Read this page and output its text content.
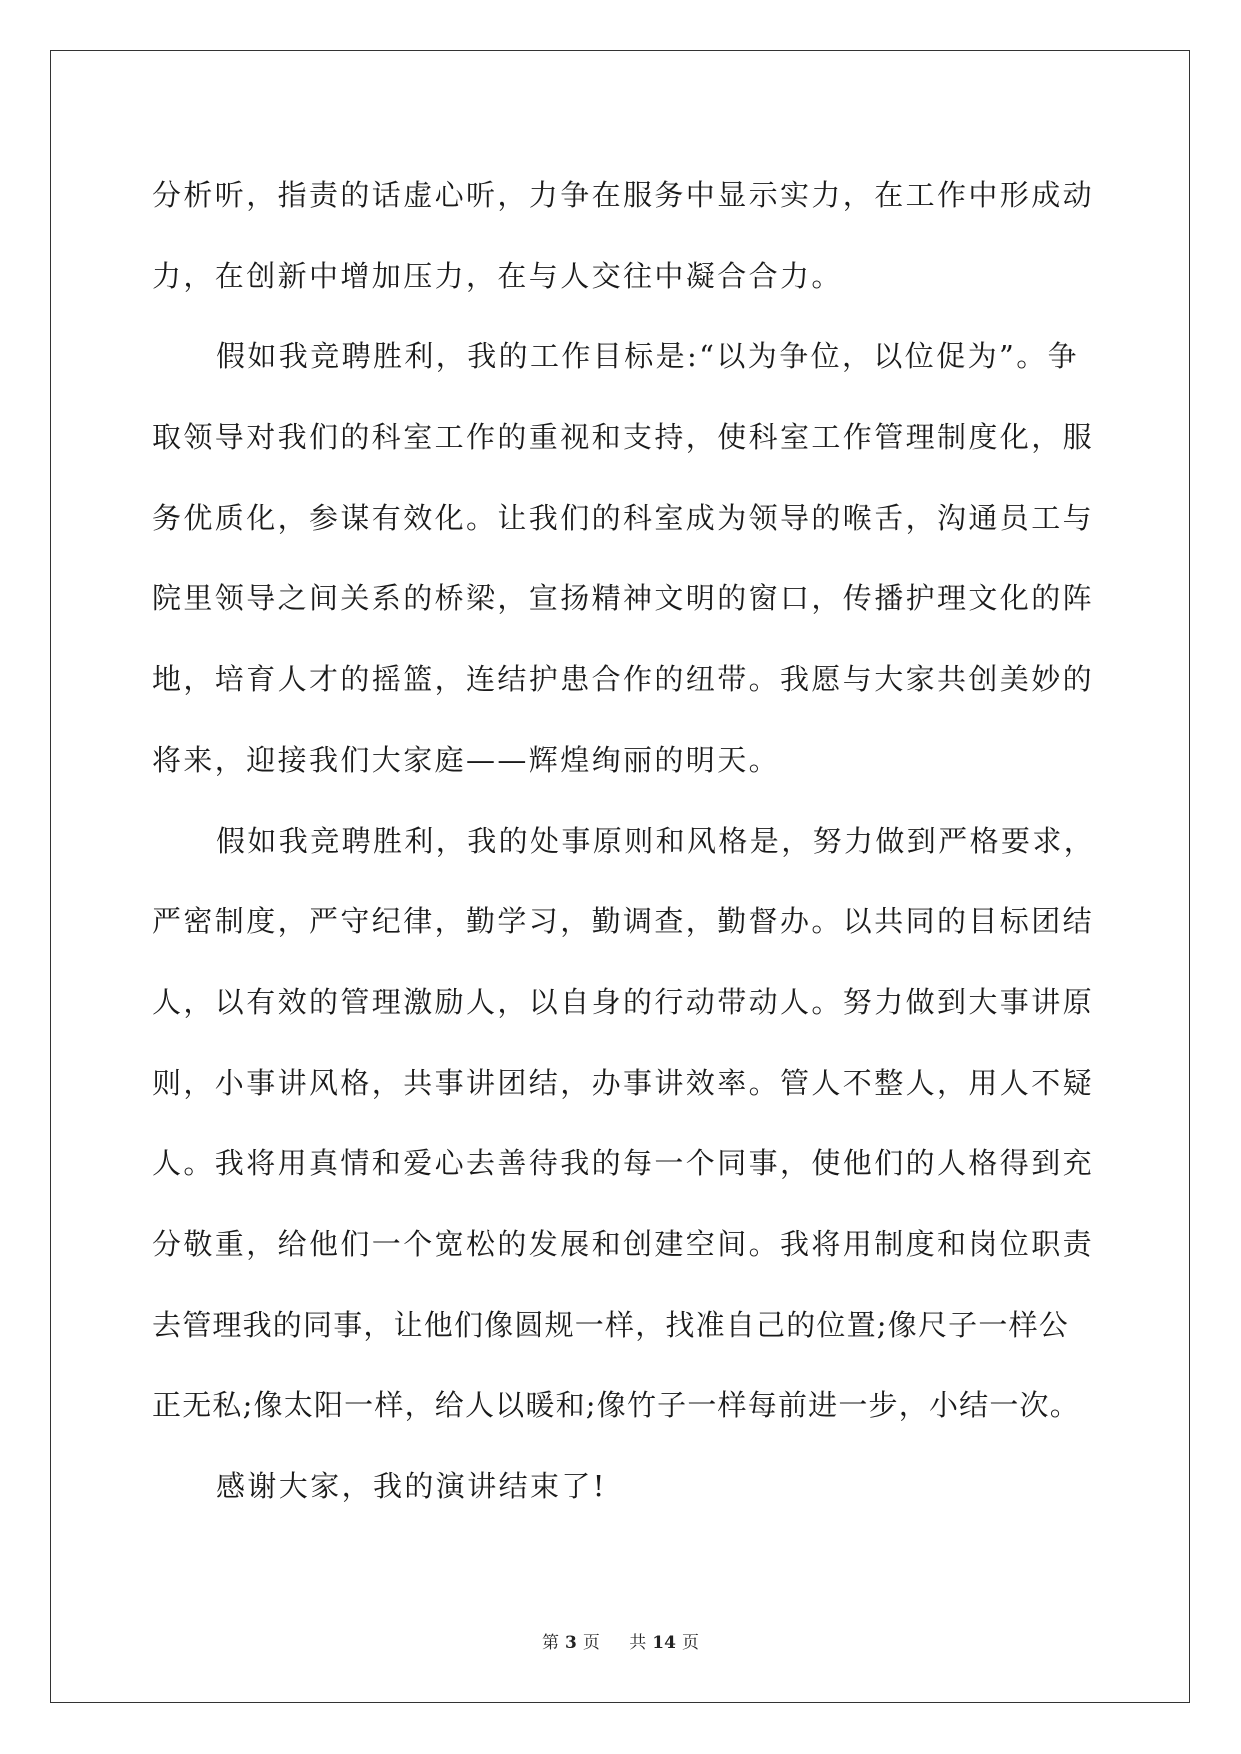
分析听，指责的话虚心听，力争在服务中显示实力，在工作中形成动
力，在创新中增加压力，在与人交往中凝合合力。
假如我竞聘胜利，我的工作目标是:“以为争位，以位促为”。争
取领导对我们的科室工作的重视和支持，使科室工作管理制度化，服
务优质化，参谋有效化。让我们的科室成为领导的喉舌，沟通员工与
院里领导之间关系的桥梁，宣扬精神文明的窗口，传播护理文化的阵
地，培育人才的摇篮，连结护患合作的纽带。我愿与大家共创美妙的
将来，迎接我们大家庭——辉煌绚丽的明天。
假如我竞聘胜利，我的处事原则和风格是，努力做到严格要求，
严密制度，严守纪律，勤学习，勤调查，勤督办。以共同的目标团结
人，以有效的管理激励人，以自身的行动带动人。努力做到大事讲原
则，小事讲风格，共事讲团结，办事讲效率。管人不整人，用人不疑
人。我将用真情和爱心去善待我的每一个同事，使他们的人格得到充
分敬重，给他们一个宽松的发展和创建空间。我将用制度和岗位职责
去管理我的同事，让他们像圆规一样，找准自己的位置;像尺子一样公
正无私;像太阳一样，给人以暖和;像竹子一样每前进一步，小结一次。
感谢大家，我的演讲结束了!
第 3 页 共 14 页
